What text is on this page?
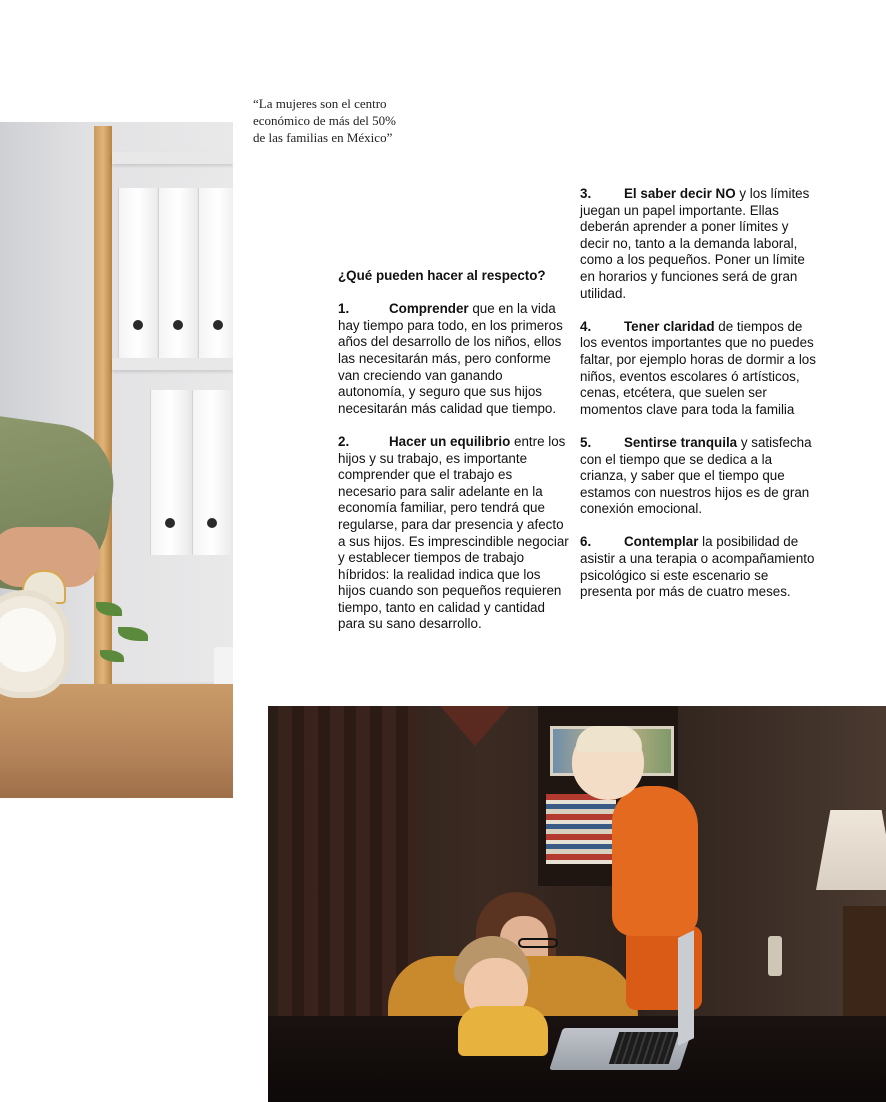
“La mujeres son el centro
económico de más del 50%
de las familias en México”

¿Qué pueden hacer al respecto?

1.	Comprender que en la vida hay tiempo para todo, en los primeros años del desarrollo de los niños, ellos las necesitarán más, pero conforme van creciendo van ganando autonomía, y seguro que sus hijos necesitarán más calidad que tiempo.

2.	Hacer un equilibrio entre los hijos y su trabajo, es importante comprender que el trabajo es necesario para salir adelante en la economía familiar, pero tendrá que regularse, para dar presencia y afecto a sus hijos. Es imprescindible negociar y establecer tiempos de trabajo híbridos: la realidad indica que los hijos cuando son pequeños requieren tiempo, tanto en calidad y cantidad para su sano desarrollo.

3. El saber decir NO y los límites juegan un papel importante. Ellas deberán aprender a poner límites y decir no, tanto a la demanda laboral, como a los pequeños. Poner un límite en horarios y funciones será de gran utilidad.

4. Tener claridad de tiempos de los eventos importantes que no puedes faltar, por ejemplo horas de dormir a los niños, eventos escolares ó artísticos, cenas, etcétera, que suelen ser momentos clave para toda la familia

5. Sentirse tranquila y satisfecha con el tiempo que se dedica a la crianza, y saber que el tiempo que estamos con nuestros hijos es de gran conexión emocional.

6. Contemplar la posibilidad de asistir a una terapia o acompañamiento psicológico si este escenario se presenta por más de cuatro meses.
